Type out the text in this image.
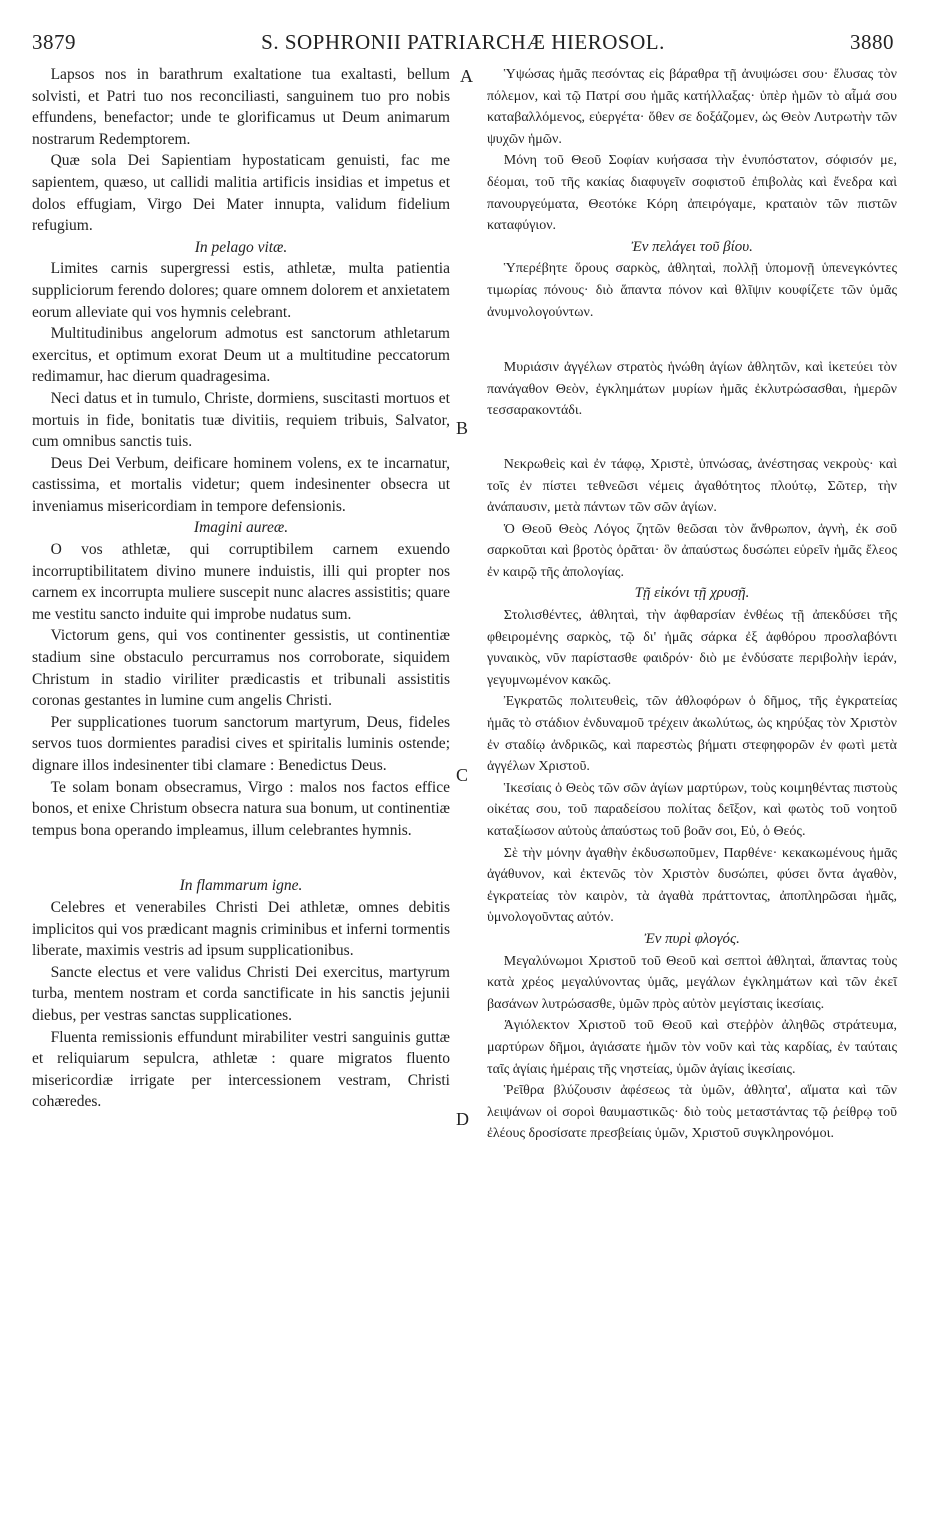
3879	S. SOPHRONII PATRIARCHÆ HIEROSOL.	3880
A
B
C
D

Lapsos nos in barathrum exaltatione tua exaltasti, bellum solvisti, et Patri tuo nos reconciliasti, sanguinem tuo pro nobis effundens, benefactor; unde te glorificamus ut Deum animarum nostrarum Redemptorem.

Quæ sola Dei Sapientiam hypostaticam genuisti, fac me sapientem, quæso, ut callidi malitia artificis insidias et impetus et dolos effugiam, Virgo Dei Mater innupta, validum fidelium refugium.

In pelago vitæ.

Limites carnis supergressi estis, athletæ, multa patientia suppliciorum ferendo dolores; quare omnem dolorem et anxietatem eorum alleviate qui vos hymnis celebrant.

Multitudinibus angelorum admotus est sanctorum athletarum exercitus, et optimum exorat Deum ut a multitudine peccatorum redimamur, hac dierum quadragesima.

Neci datus et in tumulo, Christe, dormiens, suscitasti mortuos et mortuis in fide, bonitatis tuæ divitiis, requiem tribuis, Salvator, cum omnibus sanctis tuis.

Deus Dei Verbum, deificare hominem volens, ex te incarnatur, castissima, et mortalis videtur; quem indesinenter obsecra ut inveniamus misericordiam in tempore defensionis.

Imagini aureæ.

O vos athletæ, qui corruptibilem carnem exuendo incorruptibilitatem divino munere induistis, illi qui propter nos carnem ex incorrupta muliere suscepit nunc alacres assistitis; quare me vestitu sancto induite qui improbe nudatus sum.

Victorum gens, qui vos continenter gessistis, ut continentiæ stadium sine obstaculo percurramus nos corroborate, siquidem Christum in stadio viriliter prædicastis et tribunali assistitis coronas gestantes in lumine cum angelis Christi.

Per supplicationes tuorum sanctorum martyrum, Deus, fideles servos tuos dormientes paradisi cives et spiritalis luminis ostende; dignare illos indesinenter tibi clamare : Benedictus Deus.

Te solam bonam obsecramus, Virgo : malos nos factos effice bonos, et enixe Christum obsecra natura sua bonum, ut continentiæ tempus bona operando impleamus, illum celebrantes hymnis.

In flammarum igne.

Celebres et venerabiles Christi Dei athletæ, omnes debitis implicitos qui vos prædicant magnis criminibus et inferni tormentis liberate, maximis vestris ad ipsum supplicationibus.

Sancte electus et vere validus Christi Dei exercitus, martyrum turba, mentem nostram et corda sanctificate in his sanctis jejunii diebus, per vestras sanctas supplicationes.

Fluenta remissionis effundunt mirabiliter vestri sanguinis guttæ et reliquiarum sepulcra, athletæ : quare migratos fluento misericordiæ irrigate per intercessionem vestram, Christi cohæredes.

Ὑψώσας ἡμᾶς πεσόντας εἰς βάραθρα τῇ ἀνυψώσει σου· ἔλυσας τὸν πόλεμον, καὶ τῷ Πατρί σου ἡμᾶς κατήλλαξας· ὑπὲρ ἡμῶν τὸ αἷμά σου καταβαλλόμενος, εὐεργέτα· ὅθεν σε δοξάζομεν, ὡς Θεὸν Λυτρωτὴν τῶν ψυχῶν ἡμῶν.

Μόνη τοῦ Θεοῦ Σοφίαν κυήσασα τὴν ἐνυπόστατον, σόφισόν με, δέομαι, τοῦ τῆς κακίας διαφυγεῖν σοφιστοῦ ἐπιβολὰς καὶ ἔνεδρα καὶ πανουργεύματα, Θεοτόκε Κόρη ἀπειρόγαμε, κραταιὸν τῶν πιστῶν καταφύγιον.

Ἐν πελάγει τοῦ βίου.

Ὑπερέβητε ὅρους σαρκὸς, ἀθληταὶ, πολλῇ ὑπομονῇ ὑπενεγκόντες τιμωρίας πόνους· διὸ ἅπαντα πόνον καὶ θλῖψιν κουφίζετε τῶν ὑμᾶς ἀνυμνολογούντων.

Μυριάσιν ἀγγέλων στρατὸς ἡνώθη ἁγίων ἀθλητῶν, καὶ ἱκετεύει τὸν πανάγαθον Θεὸν, ἐγκλημάτων μυρίων ἡμᾶς ἐκλυτρώσασθαι, ἡμερῶν τεσσαρακοντάδι.

Νεκρωθεὶς καὶ ἐν τάφῳ, Χριστὲ, ὑπνώσας, ἀνέστησας νεκροὺς· καὶ τοῖς ἐν πίστει τεθνεῶσι νέμεις ἀγαθότητος πλούτῳ, Σῶτερ, τὴν ἀνάπαυσιν, μετὰ πάντων τῶν σῶν ἁγίων.

Ὁ Θεοῦ Θεὸς Λόγος ζητῶν θεῶσαι τὸν ἄνθρωπον, ἁγνὴ, ἐκ σοῦ σαρκοῦται καὶ βροτὸς ὁρᾶται· ὃν ἀπαύστως δυσώπει εὑρεῖν ἡμᾶς ἔλεος ἐν καιρῷ τῆς ἀπολογίας.

Τῇ εἰκόνι τῇ χρυσῇ.

Στολισθέντες, ἀθληταὶ, τὴν ἀφθαρσίαν ἐνθέως τῇ ἀπεκδύσει τῆς φθειρομένης σαρκὸς, τῷ δι' ἡμᾶς σάρκα ἐξ ἀφθόρου προσλαβόντι γυναικὸς, νῦν παρίστασθε φαιδρόν· διὸ με ἐνδύσατε περιβολὴν ἱεράν, γεγυμνωμένον κακῶς.

Ἐγκρατῶς πολιτευθεὶς, τῶν ἀθλοφόρων ὁ δῆμος, τῆς ἐγκρατείας ἡμᾶς τὸ στάδιον ἐνδυναμοῦ τρέχειν ἀκωλύτως, ὡς κηρύξας τὸν Χριστὸν ἐν σταδίῳ ἀνδρικῶς, καὶ παρεστὼς βήματι στεφηφορῶν ἐν φωτὶ μετὰ ἀγγέλων Χριστοῦ.

Ἱκεσίαις ὁ Θεὸς τῶν σῶν ἁγίων μαρτύρων, τοὺς κοιμηθέντας πιστοὺς οἰκέτας σου, τοῦ παραδείσου πολίτας δεῖξον, καὶ φωτὸς τοῦ νοητοῦ καταξίωσον αὐτοὺς ἀπαύστως τοῦ βοᾶν σοι, Εὐ, ὁ Θεός.

Σὲ τὴν μόνην ἀγαθὴν ἐκδυσωποῦμεν, Παρθένε· κεκακωμένους ἡμᾶς ἀγάθυνον, καὶ ἐκτενῶς τὸν Χριστὸν δυσώπει, φύσει ὄντα ἀγαθὸν, ἐγκρατείας τὸν καιρὸν, τὰ ἀγαθὰ πράττοντας, ἀποπληρῶσαι ἡμᾶς, ὑμνολογοῦντας αὐτόν.

Ἐν πυρὶ φλογός.

Μεγαλύνωμοι Χριστοῦ τοῦ Θεοῦ καὶ σεπτοὶ ἀθληταὶ, ἅπαντας τοὺς κατὰ χρέος μεγαλύνοντας ὑμᾶς, μεγάλων ἐγκλημάτων καὶ τῶν ἐκεῖ βασάνων λυτρώσασθε, ὑμῶν πρὸς αὐτὸν μεγίσταις ἱκεσίαις.

Ἁγιόλεκτον Χριστοῦ τοῦ Θεοῦ καὶ στεῤῥὸν ἀληθῶς στράτευμα, μαρτύρων δῆμοι, ἁγιάσατε ἡμῶν τὸν νοῦν καὶ τὰς καρδίας, ἐν ταύταις ταῖς ἁγίαις ἡμέραις τῆς νηστείας, ὑμῶν ἁγίαις ἱκεσίαις.

Ῥεῖθρα βλύζουσιν ἀφέσεως τὰ ὑμῶν, ἀθλητα', αἵματα καὶ τῶν λειψάνων οἱ σοροὶ θαυμαστικῶς· διὸ τοὺς μεταστάντας τῷ ῥείθρῳ τοῦ ἐλέους δροσίσατε πρεσβείαις ὑμῶν, Χριστοῦ συγκληρονόμοι.
